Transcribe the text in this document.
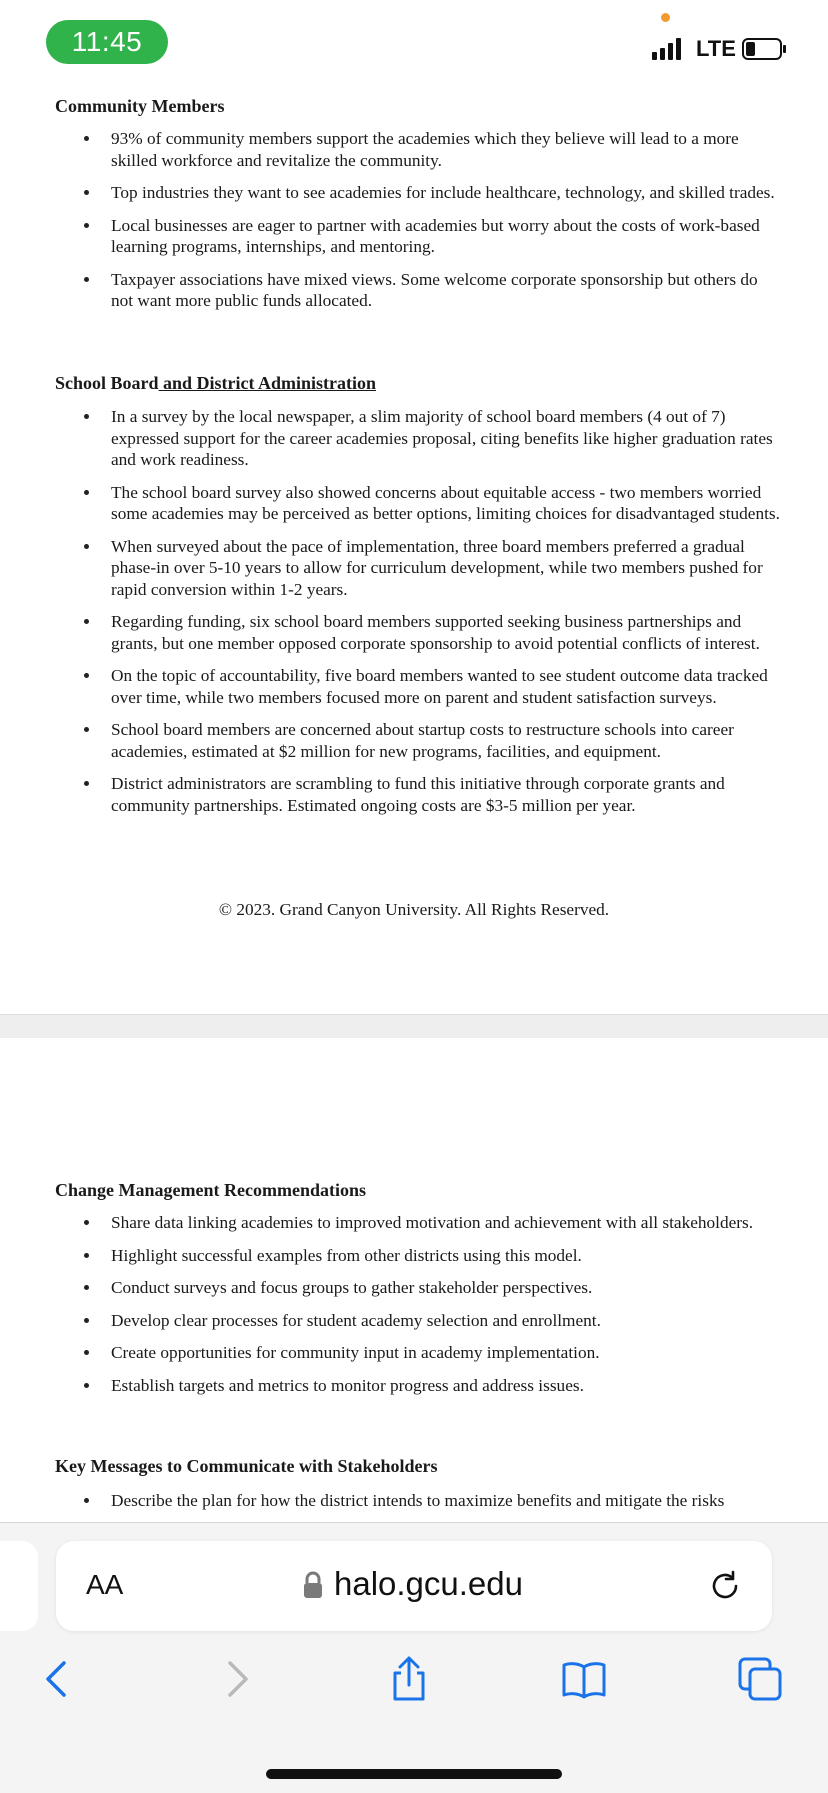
11:45	LTE
Community Members
93% of community members support the academies which they believe will lead to a more skilled workforce and revitalize the community.
Top industries they want to see academies for include healthcare, technology, and skilled trades.
Local businesses are eager to partner with academies but worry about the costs of work-based learning programs, internships, and mentoring.
Taxpayer associations have mixed views. Some welcome corporate sponsorship but others do not want more public funds allocated.
School Board and District Administration
In a survey by the local newspaper, a slim majority of school board members (4 out of 7) expressed support for the career academies proposal, citing benefits like higher graduation rates and work readiness.
The school board survey also showed concerns about equitable access - two members worried some academies may be perceived as better options, limiting choices for disadvantaged students.
When surveyed about the pace of implementation, three board members preferred a gradual phase-in over 5-10 years to allow for curriculum development, while two members pushed for rapid conversion within 1-2 years.
Regarding funding, six school board members supported seeking business partnerships and grants, but one member opposed corporate sponsorship to avoid potential conflicts of interest.
On the topic of accountability, five board members wanted to see student outcome data tracked over time, while two members focused more on parent and student satisfaction surveys.
School board members are concerned about startup costs to restructure schools into career academies, estimated at $2 million for new programs, facilities, and equipment.
District administrators are scrambling to fund this initiative through corporate grants and community partnerships. Estimated ongoing costs are $3-5 million per year.
© 2023. Grand Canyon University. All Rights Reserved.
Change Management Recommendations
Share data linking academies to improved motivation and achievement with all stakeholders.
Highlight successful examples from other districts using this model.
Conduct surveys and focus groups to gather stakeholder perspectives.
Develop clear processes for student academy selection and enrollment.
Create opportunities for community input in academy implementation.
Establish targets and metrics to monitor progress and address issues.
Key Messages to Communicate with Stakeholders
Describe the plan for how the district intends to maximize benefits and mitigate the risks
AA	halo.gcu.edu
